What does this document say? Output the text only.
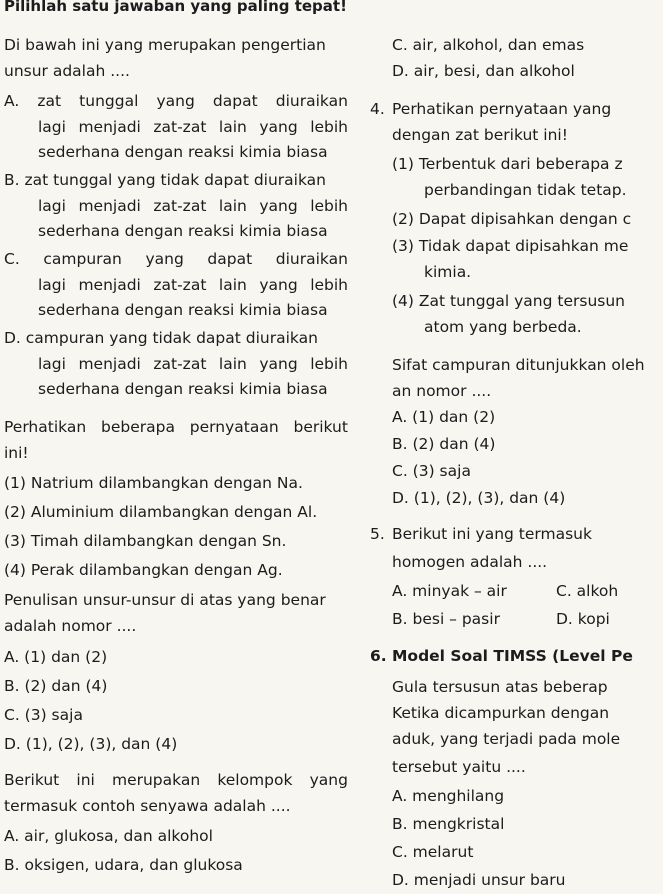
Pilihlah satu jawaban yang paling tepat!
Di bawah ini yang merupakan pengertian
unsur adalah ....
A. zat tunggal yang dapat diuraikan
lagi menjadi zat-zat lain yang lebih
sederhana dengan reaksi kimia biasa
B. zat tunggal yang tidak dapat diuraikan
lagi menjadi zat-zat lain yang lebih
sederhana dengan reaksi kimia biasa
C. campuran yang dapat diuraikan
lagi menjadi zat-zat lain yang lebih
sederhana dengan reaksi kimia biasa
D. campuran yang tidak dapat diuraikan
lagi menjadi zat-zat lain yang lebih
sederhana dengan reaksi kimia biasa
Perhatikan beberapa pernyataan berikut
ini!
(1) Natrium dilambangkan dengan Na.
(2) Aluminium dilambangkan dengan Al.
(3) Timah dilambangkan dengan Sn.
(4) Perak dilambangkan dengan Ag.
Penulisan unsur-unsur di atas yang benar
adalah nomor ....
A. (1) dan (2)
B. (2) dan (4)
C. (3) saja
D. (1), (2), (3), dan (4)
Berikut ini merupakan kelompok yang
termasuk contoh senyawa adalah ....
A. air, glukosa, dan alkohol
B. oksigen, udara, dan glukosa
C. air, alkohol, dan emas
D. air, besi, dan alkohol
4. Perhatikan pernyataan yang
dengan zat berikut ini!
(1) Terbentuk dari beberapa z
perbandingan tidak tetap.
(2) Dapat dipisahkan dengan c
(3) Tidak dapat dipisahkan me
kimia.
(4) Zat tunggal yang tersusun
atom yang berbeda.
Sifat campuran ditunjukkan oleh
an nomor ....
A. (1) dan (2)
B. (2) dan (4)
C. (3) saja
D. (1), (2), (3), dan (4)
5. Berikut ini yang termasuk
homogen adalah ....
A. minyak – air	C. alkoh
B. besi – pasir	D. kopi
6. Model Soal TIMSS (Level Pe
Gula tersusun atas beberap
Ketika dicampurkan dengan
aduk, yang terjadi pada mole
tersebut yaitu ....
A. menghilang
B. mengkristal
C. melarut
D. menjadi unsur baru
